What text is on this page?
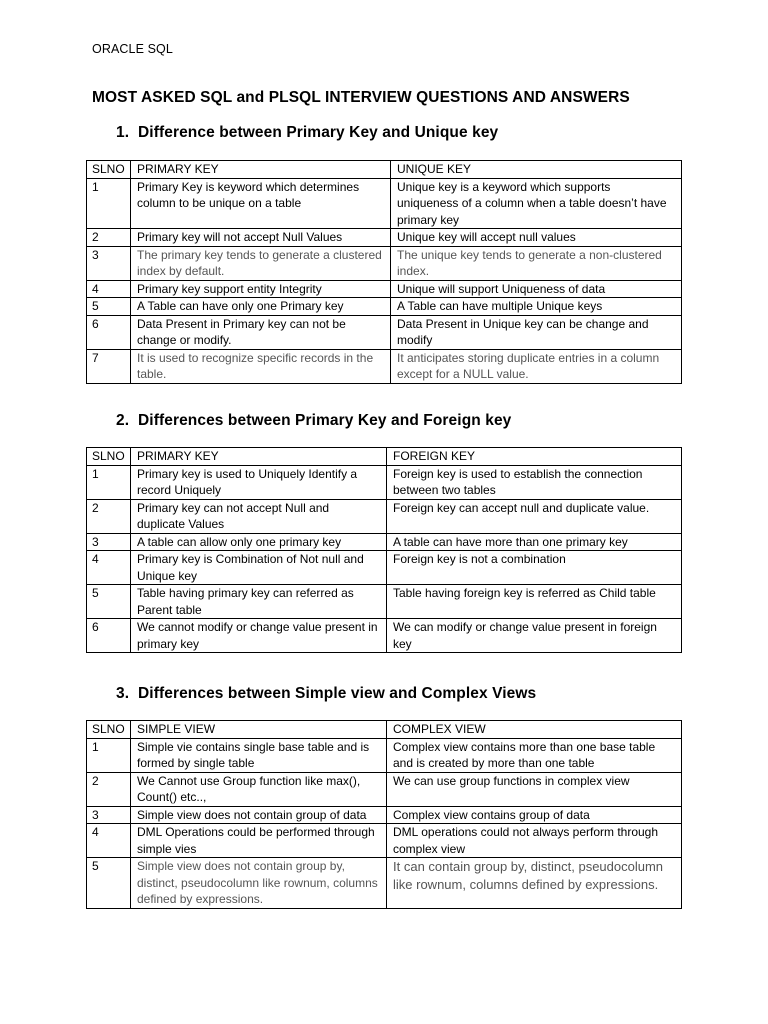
ORACLE SQL
MOST ASKED SQL and PLSQL INTERVIEW QUESTIONS AND ANSWERS
1. Difference between Primary Key and Unique key
SLNO	PRIMARY KEY	UNIQUE KEY
1	Primary Key is keyword which determines column to be unique on a table	Unique key is a keyword which supports uniqueness of a column when a table doesn’t have primary key
2	Primary key will not accept Null Values	Unique key will accept null values
3	The primary key tends to generate a clustered index by default.	The unique key tends to generate a non-clustered index.
4	Primary key support entity Integrity	Unique will support Uniqueness of data
5	A Table can have only one Primary key	A Table can have multiple Unique keys
6	Data Present in Primary key can not be change or modify.	Data Present in Unique key can be change and modify
7	It is used to recognize specific records in the table.	It anticipates storing duplicate entries in a column except for a NULL value.
2. Differences between Primary Key and Foreign key
SLNO	PRIMARY KEY	FOREIGN KEY
1	Primary key is used to Uniquely Identify a record Uniquely	Foreign key is used to establish the connection between two tables
2	Primary key can not accept Null and duplicate Values	Foreign key can accept null and duplicate value.
3	A table can allow only one primary key	A table can have more than one primary key
4	Primary key is Combination of Not null and Unique key	Foreign key is not a combination
5	Table having primary key can referred as Parent table	Table having foreign key is referred as Child table
6	We cannot modify or change value present in primary key	We can modify or change value present in foreign key
3. Differences between Simple view and Complex Views
SLNO	SIMPLE VIEW	COMPLEX VIEW
1	Simple vie contains single base table and is formed by single table	Complex view contains more than one base table and is created by more than one table
2	We Cannot use Group function like max(), Count() etc..,	We can use group functions in complex view
3	Simple view does not contain group of data	Complex view contains group of data
4	DML Operations could be performed through simple vies	DML operations could not always perform through complex view
5	Simple view does not contain group by, distinct, pseudocolumn like rownum, columns defined by expressions.	It can contain group by, distinct, pseudocolumn like rownum, columns defined by expressions.
